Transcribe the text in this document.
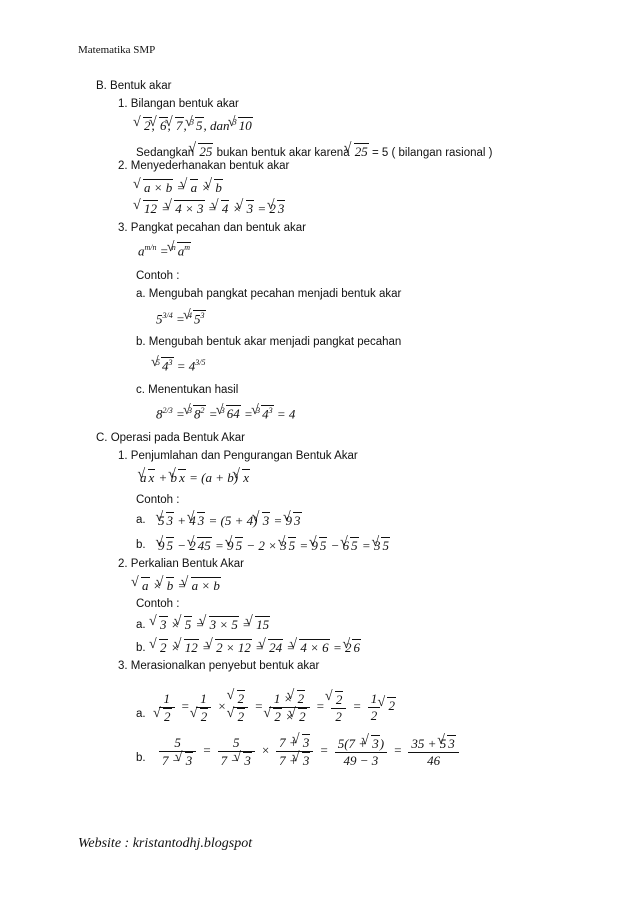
Matematika SMP
B. Bentuk akar
1. Bilangan bentuk akar
√ 2, √ 6, √ 7, $^3$√ 5, dan $^3$√ 10
Sedangkan √ 25 bukan bentuk akar karena √ 25 = 5 ( bilangan rasional )
2. Menyederhanakan bentuk akar
√ a × b = √ a × √ b
√ 12 = √ 4 × 3 = √ 4 × √ 3 = 2√ 3
3. Pangkat pecahan dan bentuk akar
$a^{m/n} = ^n√$ $a^m$
Contoh :
a. Mengubah pangkat pecahan menjadi bentuk akar
$5^{3/4} = ^4√$ $5^3$
b. Mengubah bentuk akar menjadi pangkat pecahan
$^5$√ $4^3 = 4^{3/5}$
c. Menentukan hasil
$8^{2/3} = ^3√$ $8^2 = ^3√$ 64 = $^3$√ $4^3 = 4$
C. Operasi pada Bentuk Akar
1. Penjumlahan dan Pengurangan Bentuk Akar
a√ x + b√ x = (a + b) √ x
Contoh :
a. 5√ 3 + 4√ 3 = (5 + 4) √ 3 = 9√ 3
b. 9√ 5 − 2√ 45 = 9√ 5 − 2 × 3√ 5 = 9√ 5 − 6√ 5 = 3√ 5
2. Perkalian Bentuk Akar
√ a × √ b = √ a × b
Contoh :
a.
√ 3 × √ 5 = √ 3 × 5 = √ 15
b.
√ 2 × √ 12 = √ 2 × 12 = √ 24 = √ 4 × 6 = 2√ 6
3. Merasionalkan penyebut bentuk akar
a. 1
√ 2 = 1
√ 2 ×
√ 2
√ 2 = 1 × √ 2
√ 2 × √ 2 =
√ $\frac{2}{2} = \frac{1}{2}$
√ 2
b. $\frac{5}{7 - √ 3} = \frac{5}{7 - √ 3} \times \frac{7 + √ 3}{7 + √ 3} = \frac{5(7 + √ 3)}{49 - 3} = \frac{35 + 5√ 3}{46}$
Website : kristantodhj.blogspot
